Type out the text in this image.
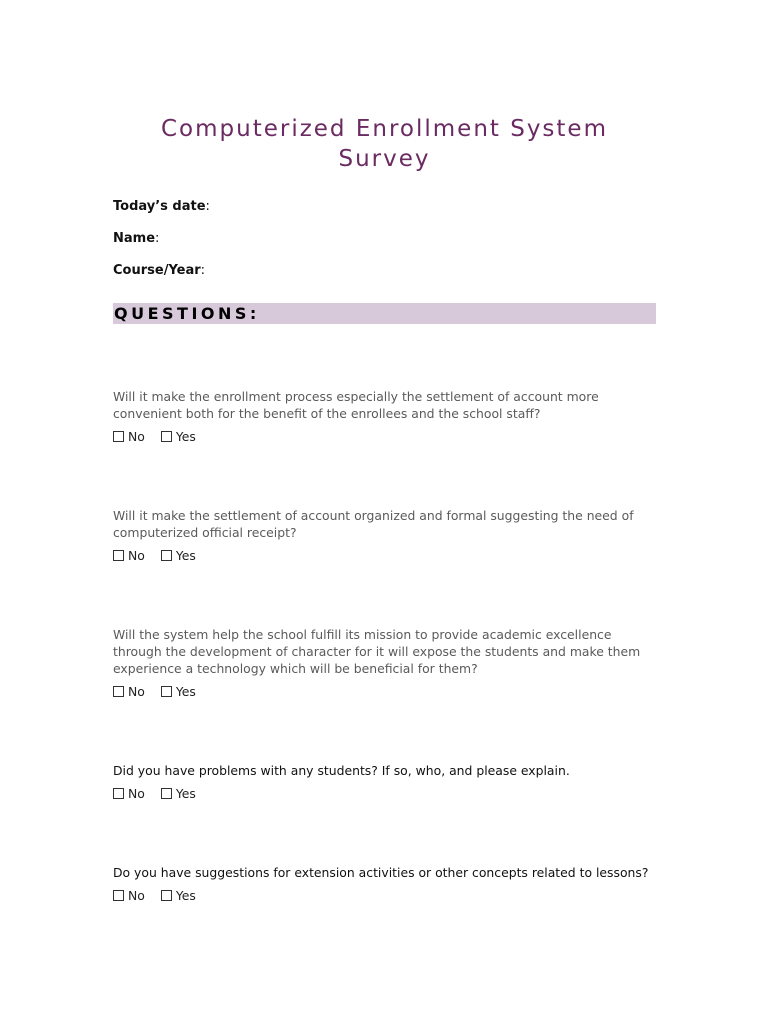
Computerized Enrollment System Survey
Today’s date:
Name:
Course/Year:
QUESTIONS:

Will it make the enrollment process especially the settlement of account more convenient both for the benefit of the enrollees and the school staff?

No Yes

Will it make the settlement of account organized and formal suggesting the need of computerized official receipt?

No Yes

Will the system help the school fulfill its mission to provide academic excellence through the development of character for it will expose the students and make them experience a technology which will be beneficial for them?

No Yes

Did you have problems with any students? If so, who, and please explain.

No Yes

Do you have suggestions for extension activities or other concepts related to lessons?

No Yes
